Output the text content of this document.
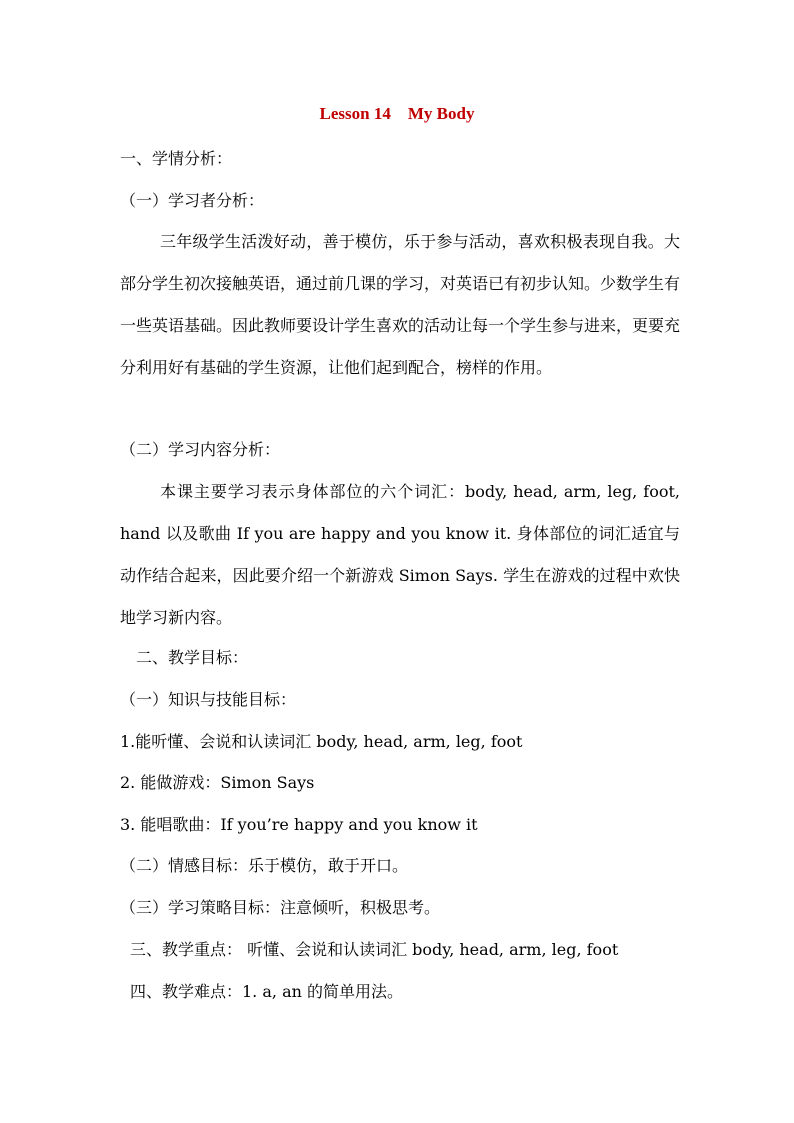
Lesson 14    My Body
一、学情分析：
（一）学习者分析：
三年级学生活泼好动，善于模仿，乐于参与活动，喜欢积极表现自我。大部分学生初次接触英语，通过前几课的学习，对英语已有初步认知。少数学生有一些英语基础。因此教师要设计学生喜欢的活动让每一个学生参与进来，更要充分利用好有基础的学生资源，让他们起到配合，榜样的作用。
（二）学习内容分析：
本课主要学习表示身体部位的六个词汇：body, head, arm, leg, foot, hand 以及歌曲 If you are happy and you know it. 身体部位的词汇适宜与动作结合起来，因此要介绍一个新游戏 Simon Says. 学生在游戏的过程中欢快地学习新内容。
二、教学目标：
（一）知识与技能目标：
1.能听懂、会说和认读词汇 body, head, arm, leg, foot
2. 能做游戏：Simon Says
3. 能唱歌曲：If you’re happy and you know it
（二）情感目标：乐于模仿，敢于开口。
（三）学习策略目标：注意倾听，积极思考。
三、教学重点： 听懂、会说和认读词汇 body, head, arm, leg, foot
四、教学难点：1. a, an 的简单用法。
